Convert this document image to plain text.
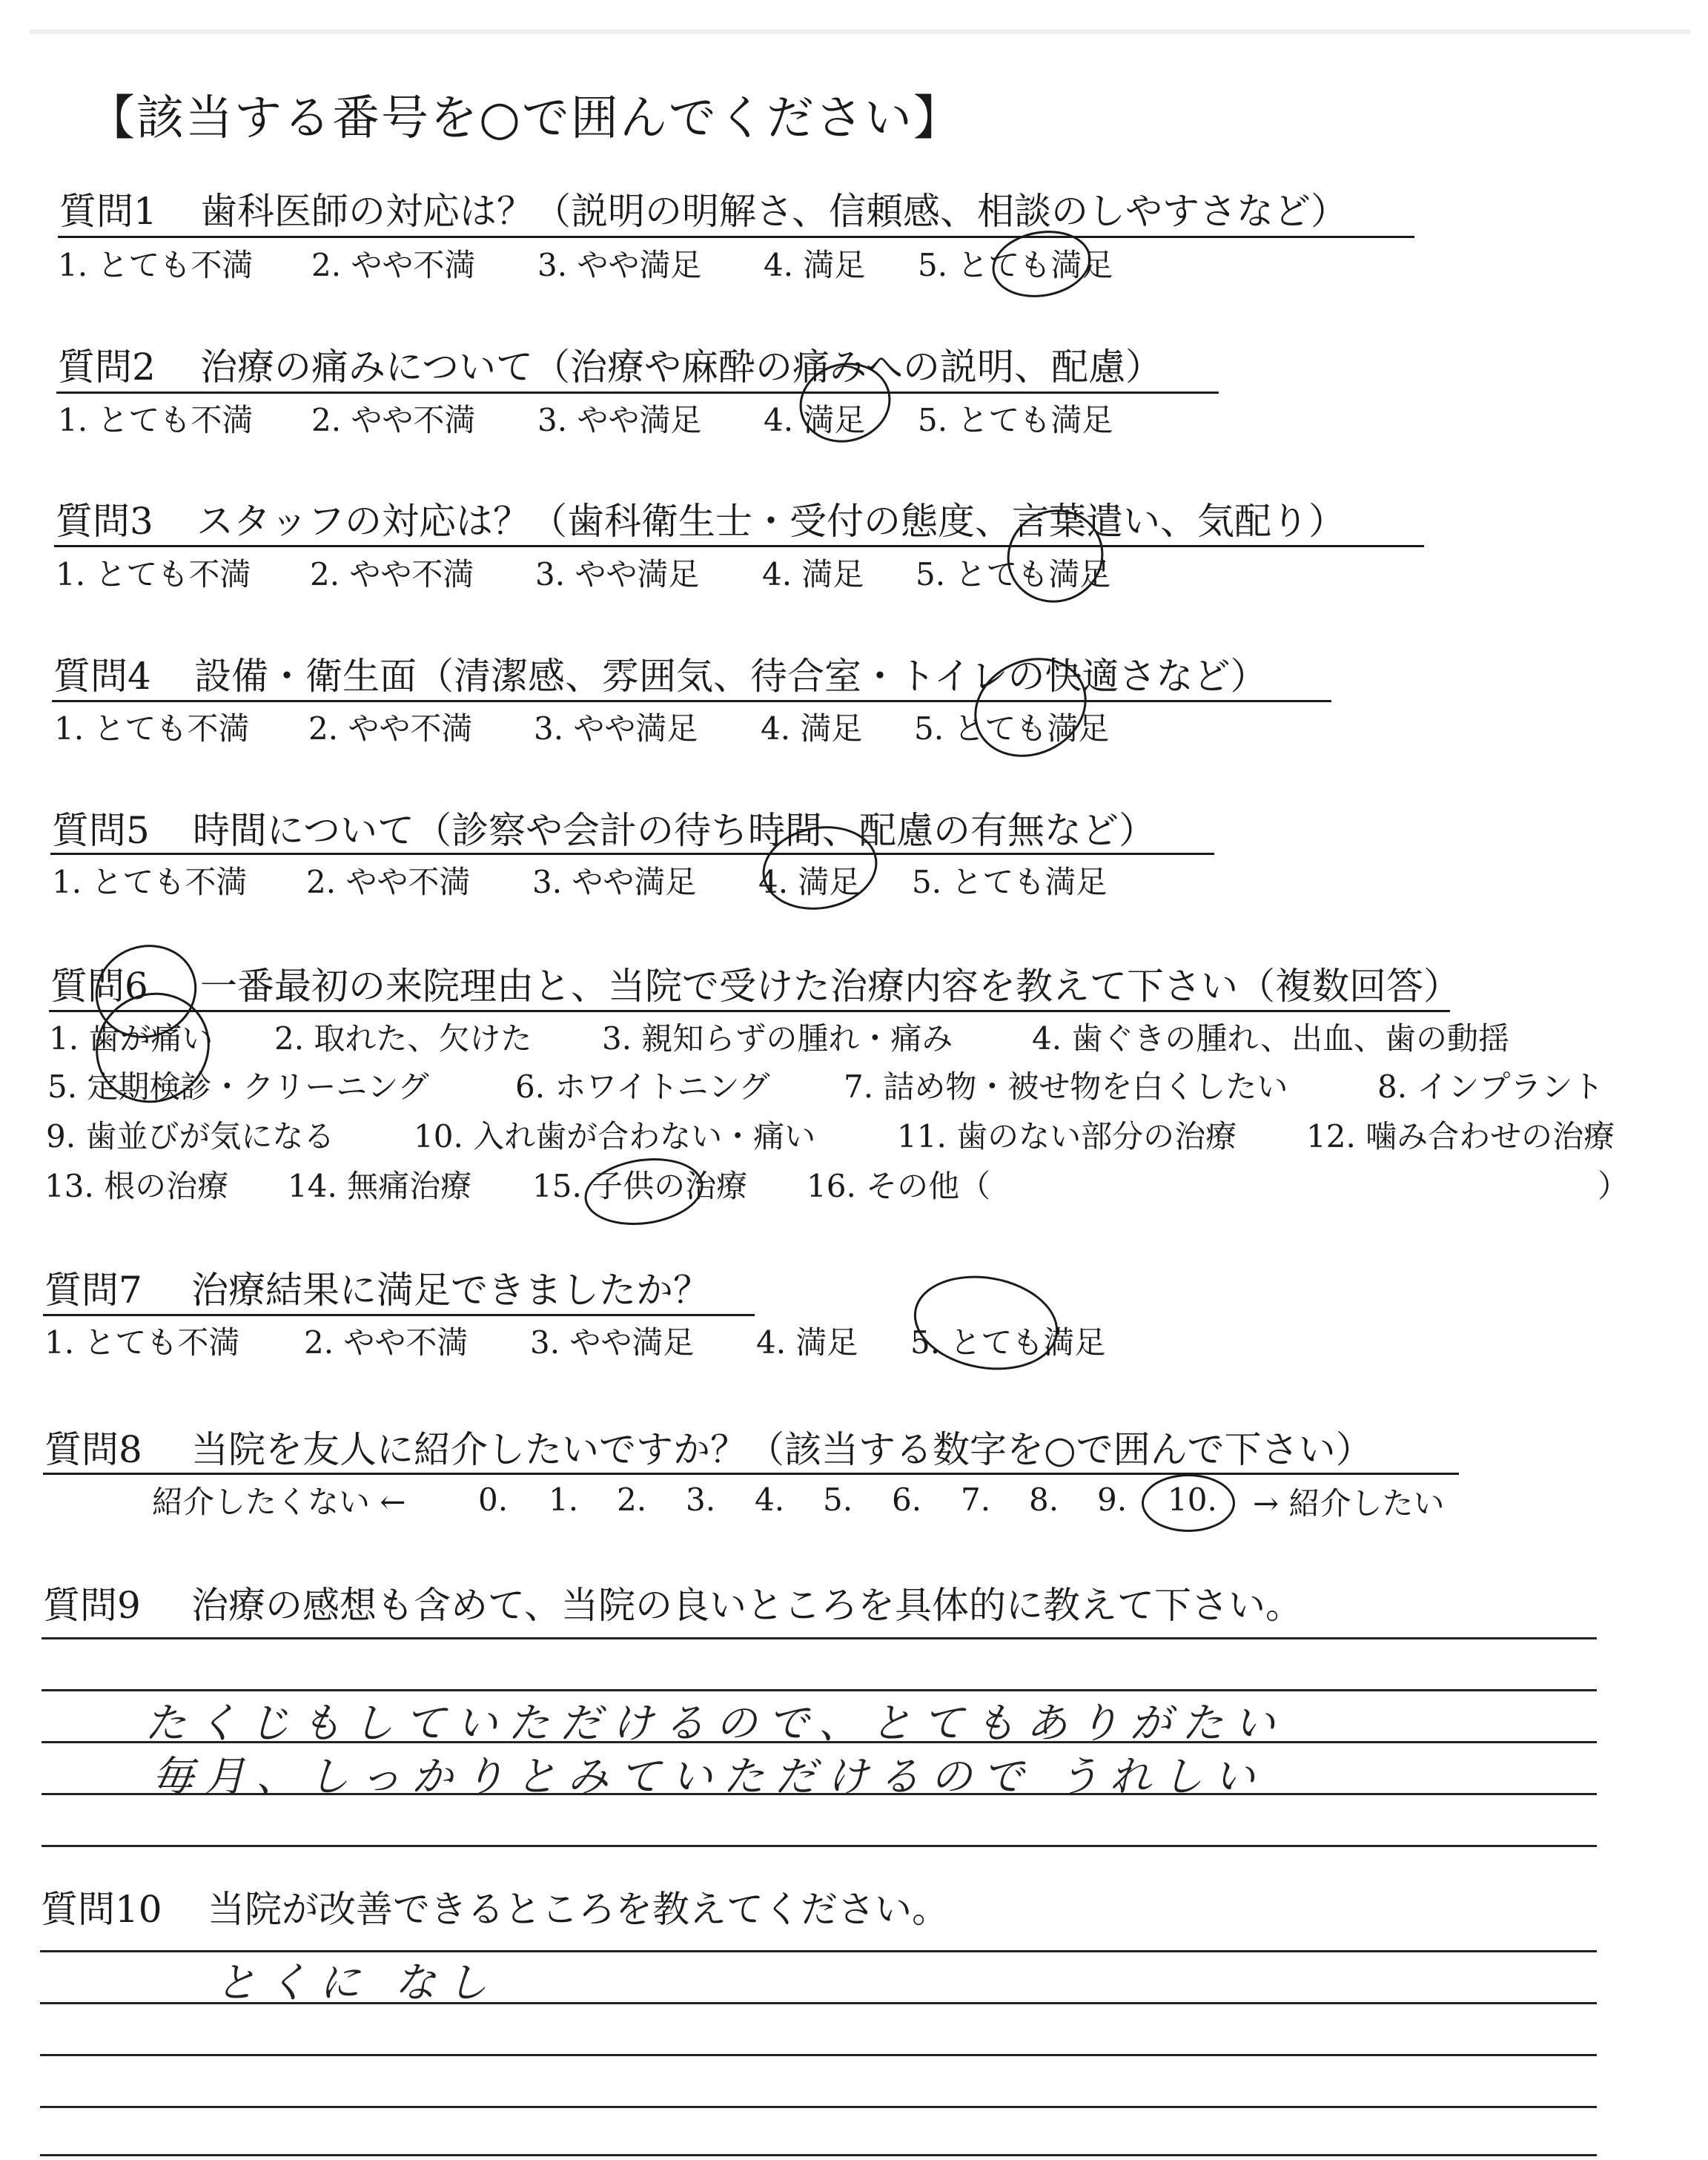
【該当する番号を○で囲んでください】
質問1 歯科医師の対応は？（説明の明解さ、信頼感、相談のしやすさなど）
1. とても不満 2. やや不満 3. やや満足 4. 満足 5. とても満足
質問2 治療の痛みについて（治療や麻酔の痛みへの説明、配慮）
1. とても不満 2. やや不満 3. やや満足 4. 満足 5. とても満足
質問3 スタッフの対応は？（歯科衛生士・受付の態度、言葉遣い、気配り）
1. とても不満 2. やや不満 3. やや満足 4. 満足 5. とても満足
質問4 設備・衛生面（清潔感、雰囲気、待合室・トイレの快適さなど）
1. とても不満 2. やや不満 3. やや満足 4. 満足 5. とても満足
質問5 時間について（診察や会計の待ち時間、配慮の有無など）
1. とても不満 2. やや不満 3. やや満足 4. 満足 5. とても満足
質問6 一番最初の来院理由と、当院で受けた治療内容を教えて下さい（複数回答）
1. 歯が痛い 2. 取れた、欠けた 3. 親知らずの腫れ・痛み	4. 歯ぐきの腫れ、出血、歯の動揺
5. 定期検診・クリーニング	6. ホワイトニング 7. 詰め物・被せ物を白くしたい	8. インプラント
9. 歯並びが気になる	10. 入れ歯が合わない・痛い	11. 歯のない部分の治療 12. 噛み合わせの治療
13. 根の治療 14. 無痛治療 15. 子供の治療 16. その他（	）
質問7 治療結果に満足できましたか？
1. とても不満 2. やや不満 3. やや満足 4. 満足 5. とても満足
質問8 当院を友人に紹介したいですか？（該当する数字を○で囲んで下さい）
紹介したくない ← 0. 1. 2. 3. 4. 5. 6. 7. 8. 9. 10. → 紹介したい
質問9 治療の感想も含めて、当院の良いところを具体的に教えて下さい。
たくじもしていただけるので、とてもありがたい
毎月、しっかりとみていただけるので うれしい
質問10 当院が改善できるところを教えてください。
とくに なし
